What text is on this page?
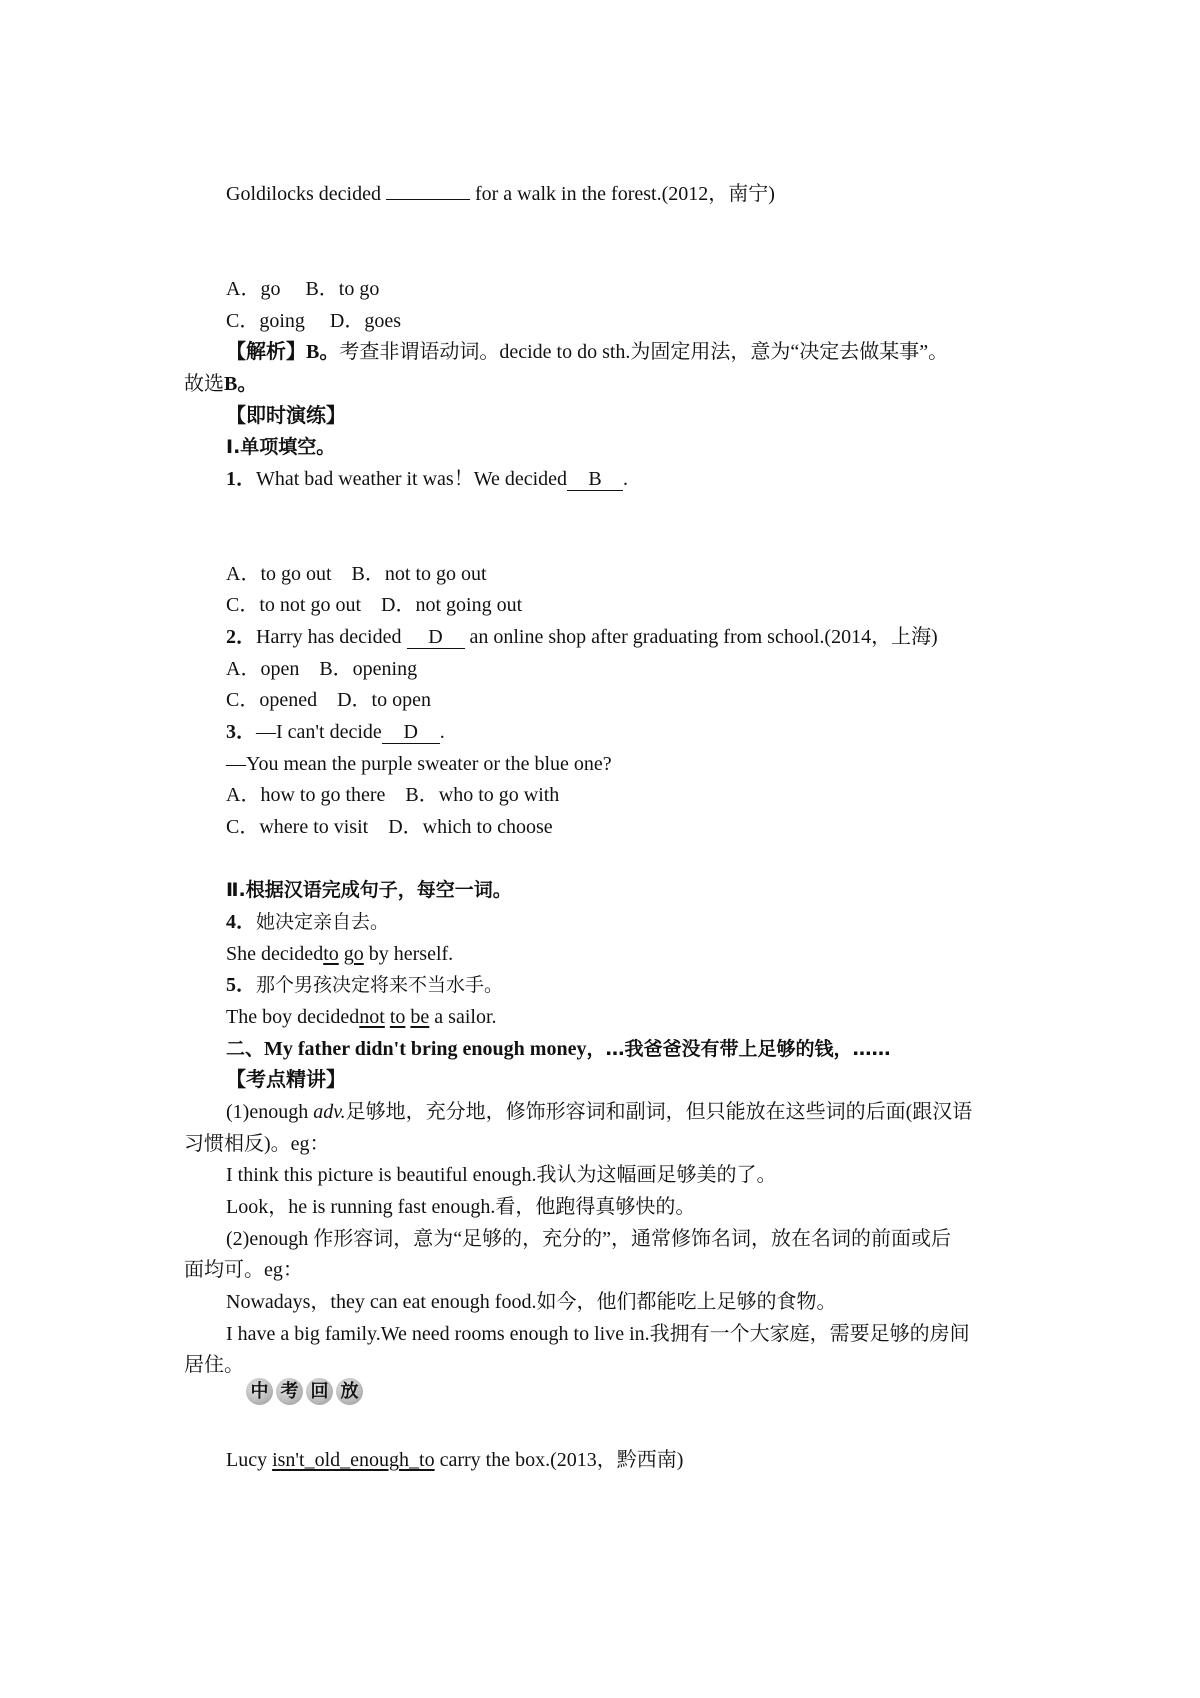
Goldilocks decided	for a walk in the forest.(2012，南宁)
A．go　 B．to go
C．going　 D．goes
【解析】B。考查非谓语动词。decide to do sth.为固定用法，意为“决定去做某事”。
故选B。
【即时演练】
Ⅰ.单项填空。
1．What bad weather it was！We decided B .
A．to go out　B．not to go out
C．to not go out　D．not going out
2．Harry has decided D an online shop after graduating from school.(2014，上海)
A．open　B．opening
C．opened　D．to open
3．—I can't decide D .
—You mean the purple sweater or the blue one?
A．how to go there　B．who to go with
C．where to visit　D．which to choose
Ⅱ.根据汉语完成句子，每空一词。
4．她决定亲自去。
She decidedto go by herself.
5．那个男孩决定将来不当水手。
The boy decidednot to be a sailor.
二、My father didn't bring enough money，…我爸爸没有带上足够的钱，……
【考点精讲】
(1)enough adv.足够地，充分地，修饰形容词和副词，但只能放在这些词的后面(跟汉语
习惯相反)。eg：
I think this picture is beautiful enough.我认为这幅画足够美的了。
Look，he is running fast enough.看，他跑得真够快的。
(2)enough 作形容词，意为“足够的，充分的”，通常修饰名词，放在名词的前面或后
面均可。eg：
Nowadays，they can eat enough food.如今，他们都能吃上足够的食物。
I have a big family.We need rooms enough to live in.我拥有一个大家庭，需要足够的房间
居住。
中 考 回 放
Lucy isn't_old_enough_to carry the box.(2013，黔西南)
